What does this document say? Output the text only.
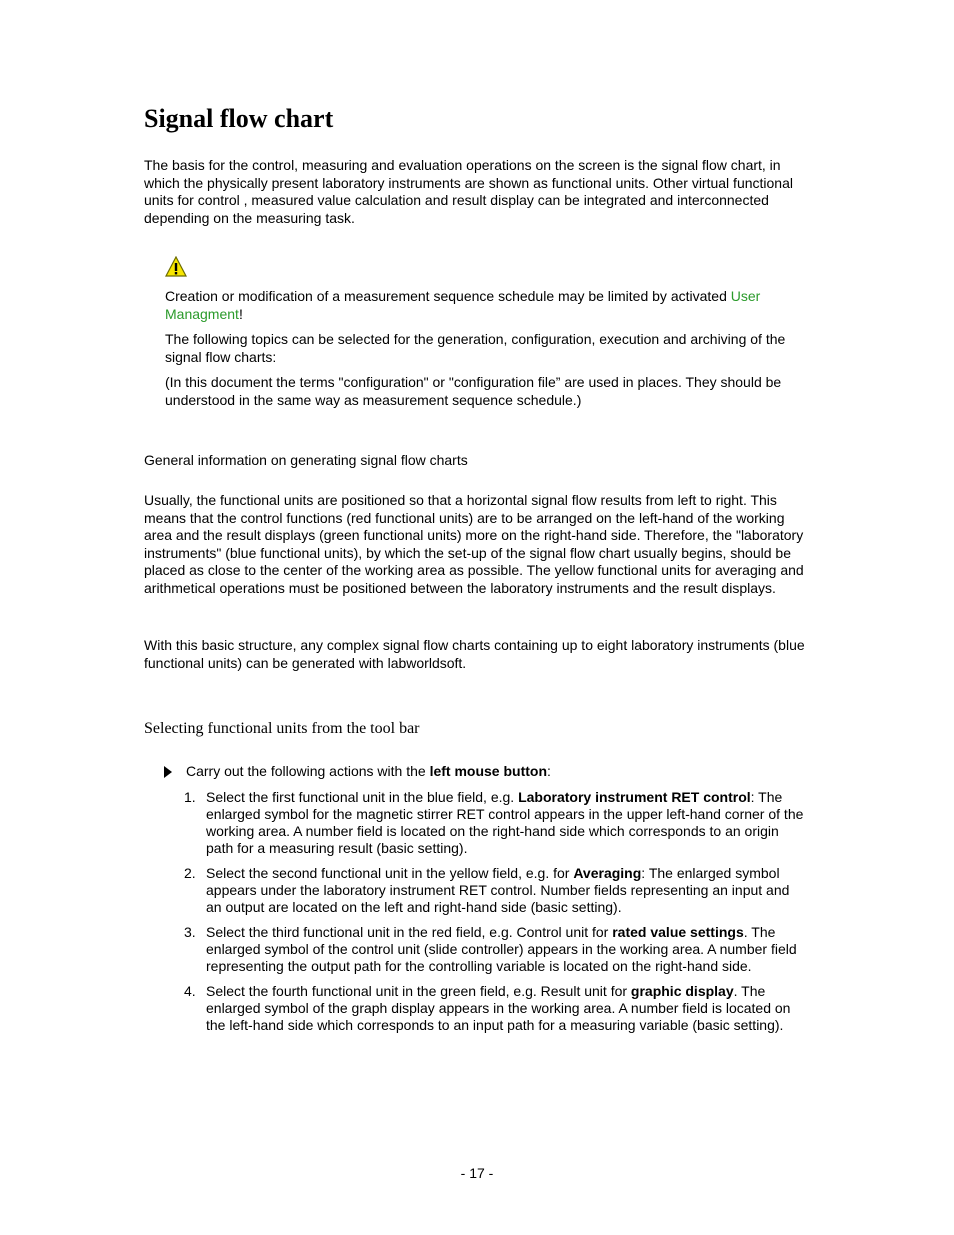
Signal flow chart

The basis for the control, measuring and evaluation operations on the screen is the signal flow chart, in which the physically present laboratory instruments are shown as functional units. Other virtual functional units for control , measured value calculation and result display can be integrated and interconnected depending on the measuring task.

Creation or modification of a measurement sequence schedule may be limited by activated User Managment!

The following topics can be selected for the generation, configuration, execution and archiving of the signal flow charts:

(In this document the terms "configuration" or "configuration file” are used in places. They should be understood in the same way as measurement sequence schedule.)

General information on generating signal flow charts

Usually, the functional units are positioned so that a horizontal signal flow results from left to right. This means that the control functions (red functional units) are to be arranged on the left-hand of the working area and the result displays (green functional units) more on the right-hand side. Therefore, the "laboratory instruments" (blue functional units), by which the set-up of the signal flow chart usually begins, should be placed as close to the center of the working area as possible. The yellow functional units for averaging and arithmetical operations must be positioned between the laboratory instruments and the result displays.

With this basic structure, any complex signal flow charts containing up to eight laboratory instruments (blue functional units) can be generated with labworldsoft.

Selecting functional units from the tool bar

Carry out the following actions with the left mouse button:

1. Select the first functional unit in the blue field, e.g. Laboratory instrument RET control: The enlarged symbol for the magnetic stirrer RET control appears in the upper left-hand corner of the working area. A number field is located on the right-hand side which corresponds to an origin path for a measuring result (basic setting).
2. Select the second functional unit in the yellow field, e.g. for Averaging: The enlarged symbol appears under the laboratory instrument RET control. Number fields representing an input and an output are located on the left and right-hand side (basic setting).
3. Select the third functional unit in the red field, e.g. Control unit for rated value settings. The enlarged symbol of the control unit (slide controller) appears in the working area. A number field representing the output path for the controlling variable is located on the right-hand side.
4. Select the fourth functional unit in the green field, e.g. Result unit for graphic display. The enlarged symbol of the graph display appears in the working area. A number field is located on the left-hand side which corresponds to an input path for a measuring variable (basic setting).
- 17 -
